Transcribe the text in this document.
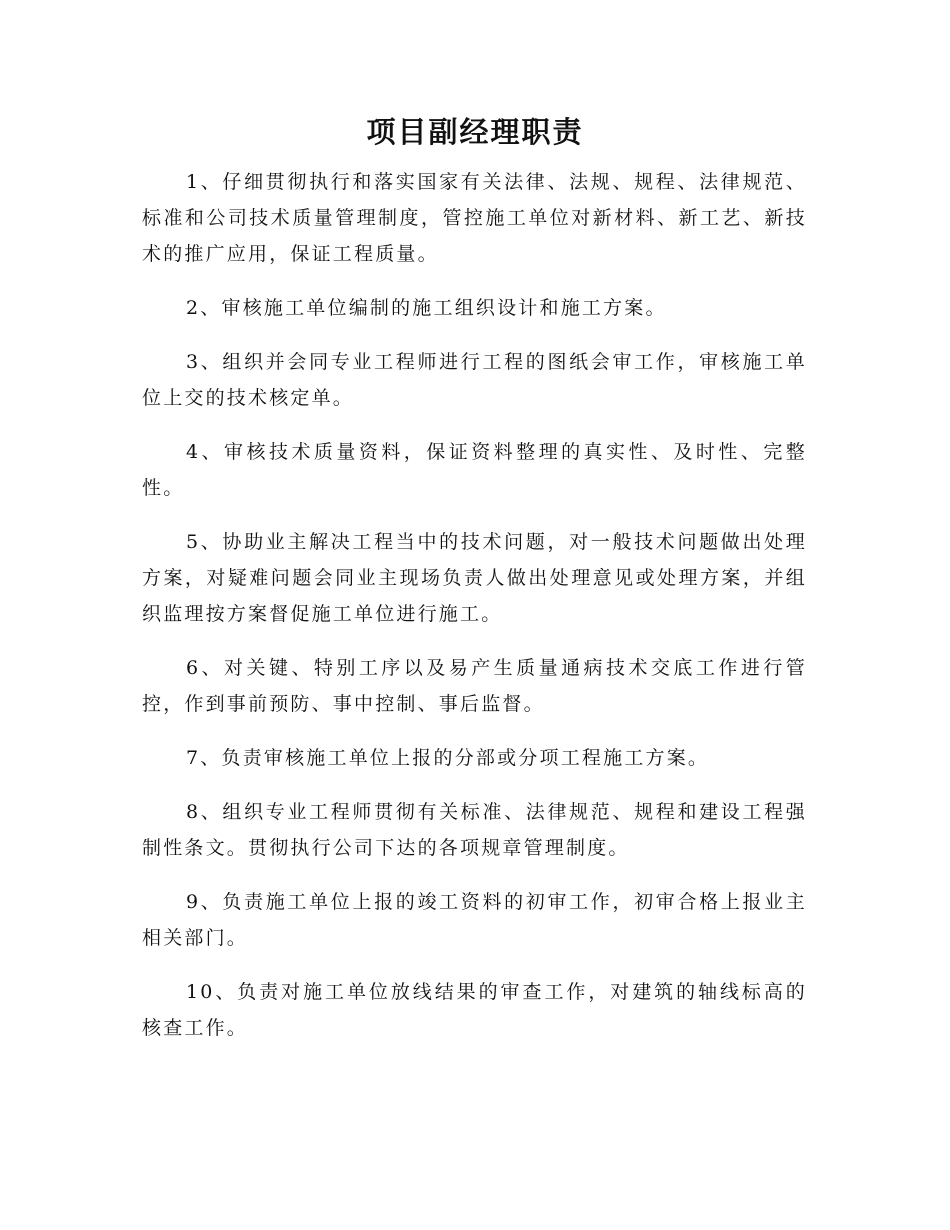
项目副经理职责

1、仔细贯彻执行和落实国家有关法律、法规、规程、法律规范、标准和公司技术质量管理制度，管控施工单位对新材料、新工艺、新技术的推广应用，保证工程质量。

2、审核施工单位编制的施工组织设计和施工方案。

3、组织并会同专业工程师进行工程的图纸会审工作，审核施工单位上交的技术核定单。

4、审核技术质量资料，保证资料整理的真实性、及时性、完整性。

5、协助业主解决工程当中的技术问题，对一般技术问题做出处理方案，对疑难问题会同业主现场负责人做出处理意见或处理方案，并组织监理按方案督促施工单位进行施工。

6、对关键、特别工序以及易产生质量通病技术交底工作进行管控，作到事前预防、事中控制、事后监督。

7、负责审核施工单位上报的分部或分项工程施工方案。

8、组织专业工程师贯彻有关标准、法律规范、规程和建设工程强制性条文。贯彻执行公司下达的各项规章管理制度。

9、负责施工单位上报的竣工资料的初审工作，初审合格上报业主相关部门。

10、负责对施工单位放线结果的审查工作，对建筑的轴线标高的核查工作。
